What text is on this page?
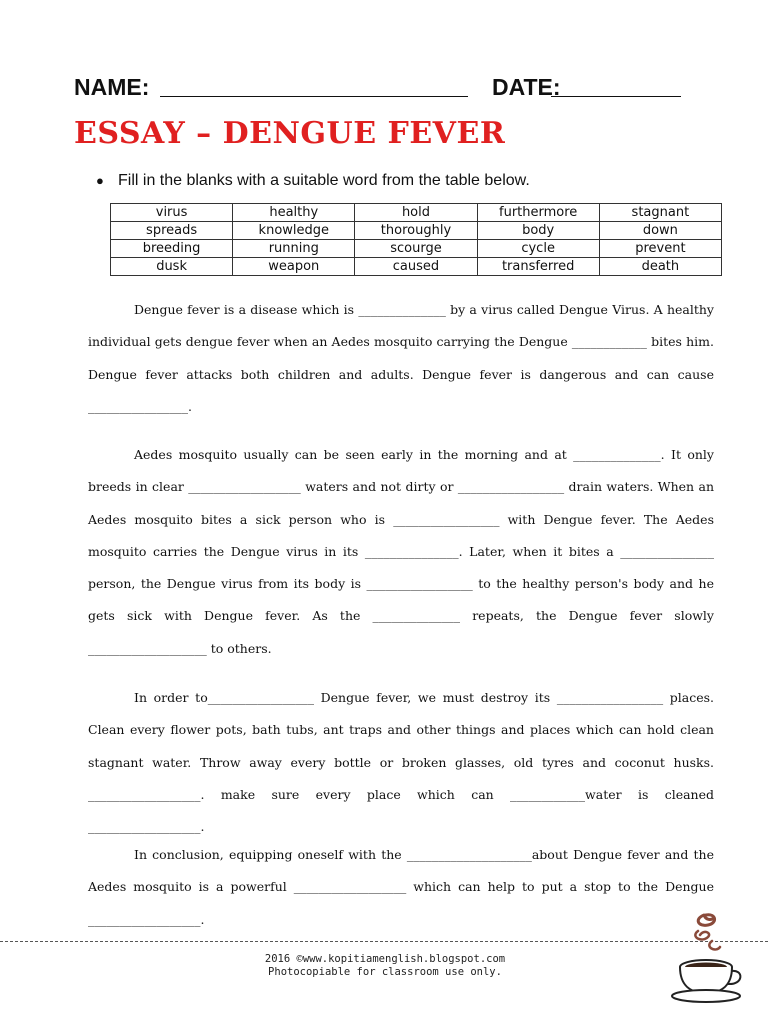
NAME:	DATE:
ESSAY – DENGUE FEVER
● Fill in the blanks with a suitable word from the table below.
virus	healthy	hold	furthermore	stagnant
spreads	knowledge	thoroughly	body	down
breeding	running	scourge	cycle	prevent
dusk	weapon	caused	transferred	death

Dengue fever is a disease which is ______________ by a virus called Dengue Virus. A healthy individual gets dengue fever when an Aedes mosquito carrying the Dengue ____________ bites him. Dengue fever attacks both children and adults. Dengue fever is dangerous and can cause ________________.

Aedes mosquito usually can be seen early in the morning and at ______________. It only breeds in clear __________________ waters and not dirty or _________________ drain waters. When an Aedes mosquito bites a sick person who is _________________ with Dengue fever. The Aedes mosquito carries the Dengue virus in its _______________. Later, when it bites a _______________ person, the Dengue virus from its body is _________________ to the healthy person's body and he gets sick with Dengue fever. As the ______________ repeats, the Dengue fever slowly ___________________ to others.

In order to_________________ Dengue fever, we must destroy its _________________ places. Clean every flower pots, bath tubs, ant traps and other things and places which can hold clean stagnant water. Throw away every bottle or broken glasses, old tyres and coconut husks. __________________. make sure every place which can ____________water is cleaned __________________.

In conclusion, equipping oneself with the ____________________about Dengue fever and the Aedes mosquito is a powerful __________________ which can help to put a stop to the Dengue __________________.

2016 ©www.kopitiamenglish.blogspot.com
Photocopiable for classroom use only.
